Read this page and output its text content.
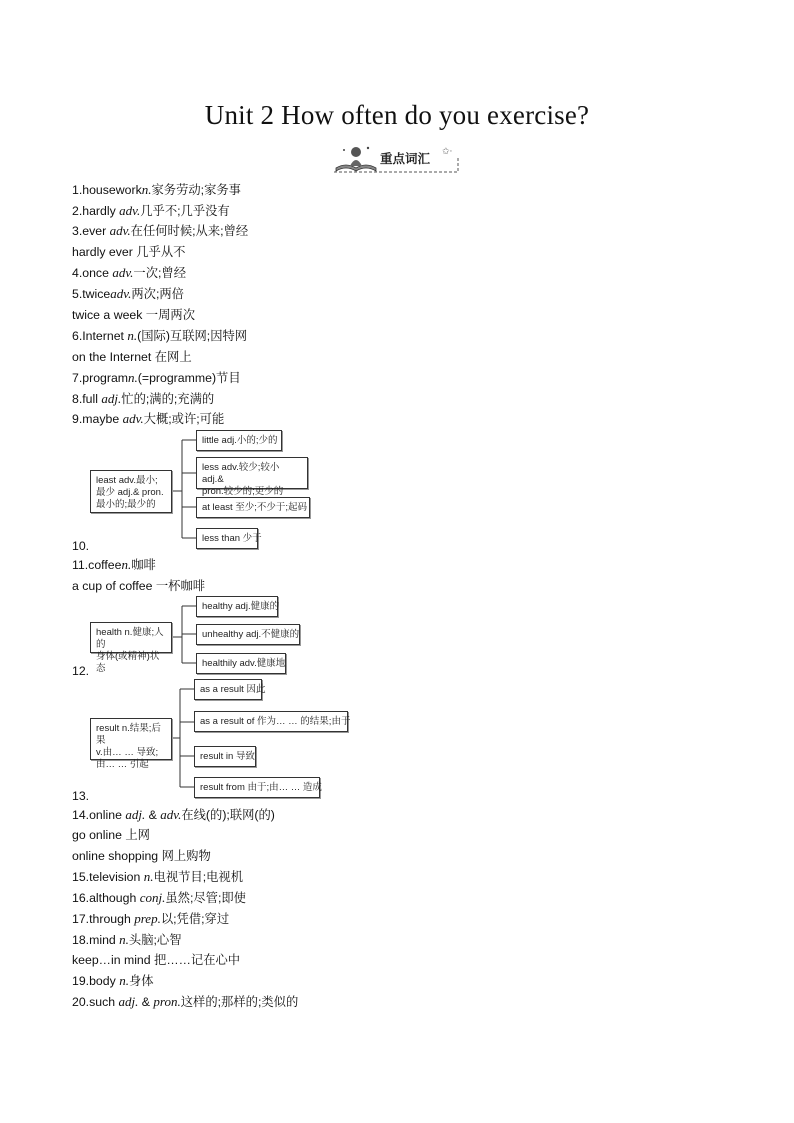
Unit 2 How often do you exercise?
重点词汇 ✩·
1.houseworkn.家务劳动;家务事
2.hardly adv.几乎不;几乎没有
3.ever adv.在任何时候;从来;曾经
hardly ever 几乎从不
4.once adv.一次;曾经
5.twiceadv.两次;两倍
twice a week 一周两次
6.Internet n.(国际)互联网;因特网
on the Internet 在网上
7.programn.(=programme)节目
8.full adj.忙的;满的;充满的
9.maybe adv.大概;或许;可能
10.
11.coffeen.咖啡
a cup of coffee 一杯咖啡
12.
13.
14.online adj. & adv.在线(的);联网(的)
go online 上网
online shopping 网上购物
15.television n.电视节目;电视机
16.although conj.虽然;尽管;即使
17.through prep.以;凭借;穿过
18.mind n.头脑;心智
keep…in mind 把……记在心中
19.body n.身体
20.such adj. & pron.这样的;那样的;类似的
least adv.最小;
最少 adj.& pron.
最小的;最少的
little adj.小的;少的
less adv.较少;较小 adj.&
pron.较少的;更少的
at least 至少;不少于;起码
less than 少于
health n.健康;人的
身体(或精神)状态
healthy adj.健康的
unhealthy adj.不健康的
healthily adv.健康地
result n.结果;后果
v.由… … 导致;
由… … 引起
as a result 因此
as a result of 作为… … 的结果;由于
result in 导致
result from 由于;由… … 造成
